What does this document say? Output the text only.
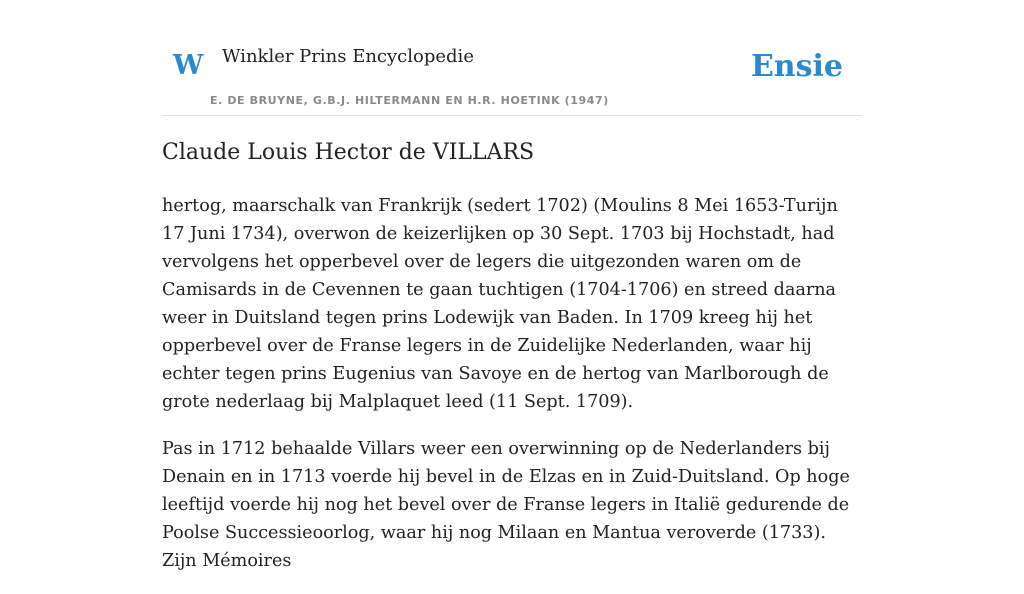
W Winkler Prins Encyclopedie
E. DE BRUYNE, G.B.J. HILTERMANN EN H.R. HOETINK (1947)
Ensie
Claude Louis Hector de VILLARS

hertog, maarschalk van Frankrijk (sedert 1702) (Moulins 8 Mei 1653-Turijn 17 Juni 1734), overwon de keizerlijken op 30 Sept. 1703 bij Hochstadt, had vervolgens het opperbevel over de legers die uitgezonden waren om de Camisards in de Cevennen te gaan tuchtigen (1704-1706) en streed daarna weer in Duitsland tegen prins Lodewijk van Baden. In 1709 kreeg hij het opperbevel over de Franse legers in de Zuidelijke Nederlanden, waar hij echter tegen prins Eugenius van Savoye en de hertog van Marlborough de grote nederlaag bij Malplaquet leed (11 Sept. 1709).

Pas in 1712 behaalde Villars weer een overwinning op de Nederlanders bij Denain en in 1713 voerde hij bevel in de Elzas en in Zuid-Duitsland. Op hoge leeftijd voerde hij nog het bevel over de Franse legers in Italië gedurende de Poolse Successieoorlog, waar hij nog Milaan en Mantua veroverde (1733). Zijn Mémoires
